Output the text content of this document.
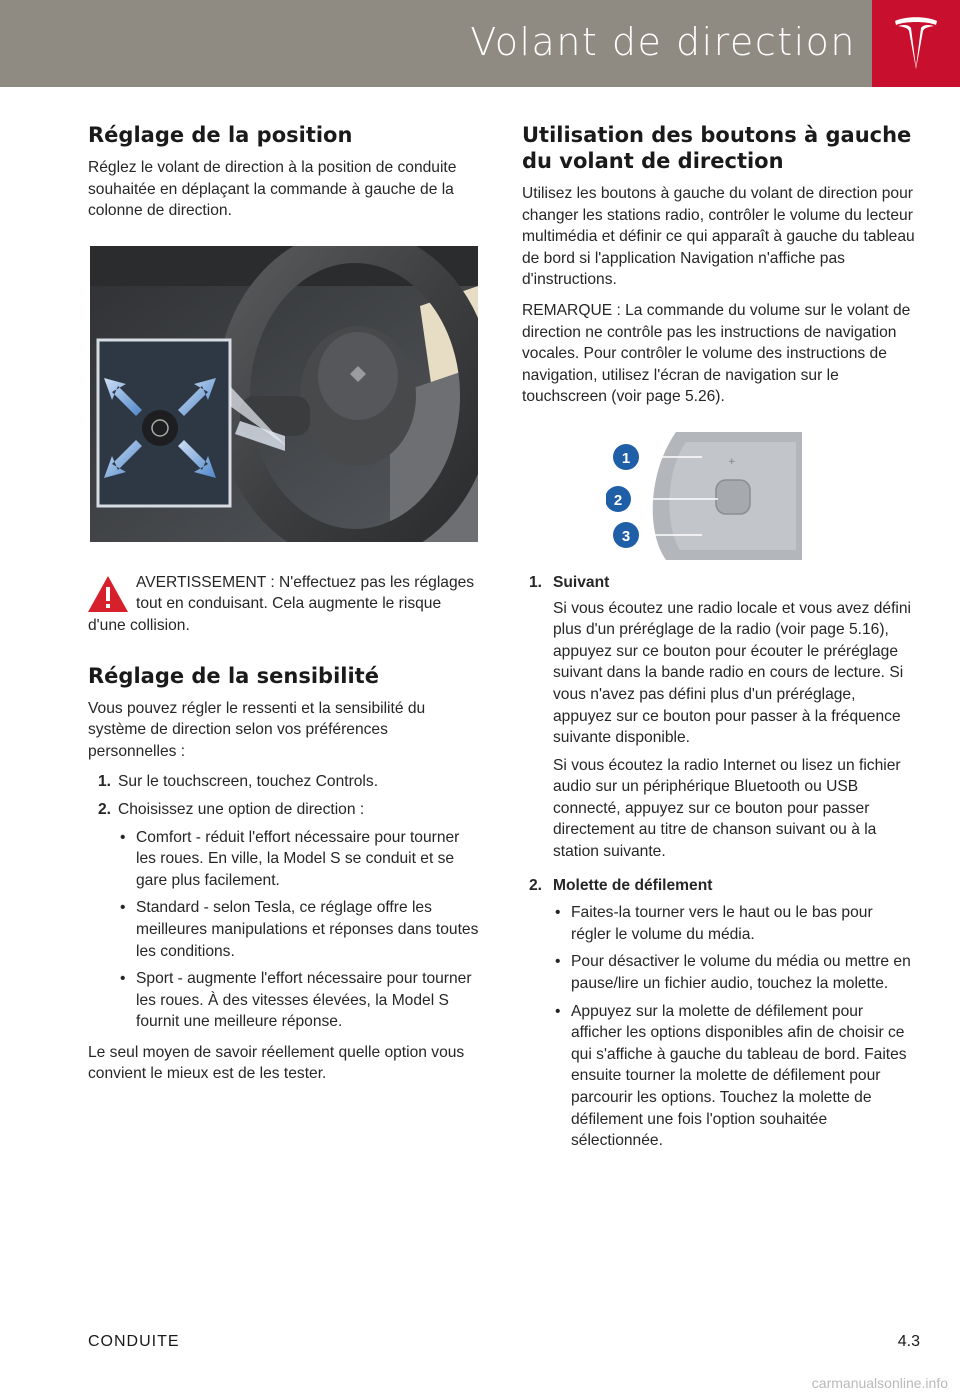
Volant de direction
Réglage de la position

Réglez le volant de direction à la position de conduite souhaitée en déplaçant la commande à gauche de la colonne de direction.

AVERTISSEMENT : N'effectuez pas les réglages tout en conduisant. Cela augmente le risque d'une collision.

Réglage de la sensibilité

Vous pouvez régler le ressenti et la sensibilité du système de direction selon vos préférences personnelles :

1. Sur le touchscreen, touchez Controls.
2. Choisissez une option de direction :
• Comfort - réduit l'effort nécessaire pour tourner les roues. En ville, la Model S se conduit et se gare plus facilement.
• Standard - selon Tesla, ce réglage offre les meilleures manipulations et réponses dans toutes les conditions.
• Sport - augmente l'effort nécessaire pour tourner les roues. À des vitesses élevées, la Model S fournit une meilleure réponse.

Le seul moyen de savoir réellement quelle option vous convient le mieux est de les tester.

Utilisation des boutons à gauche du volant de direction

Utilisez les boutons à gauche du volant de direction pour changer les stations radio, contrôler le volume du lecteur multimédia et définir ce qui apparaît à gauche du tableau de bord si l'application Navigation n'affiche pas d'instructions.

REMARQUE : La commande du volume sur le volant de direction ne contrôle pas les instructions de navigation vocales. Pour contrôler le volume des instructions de navigation, utilisez l'écran de navigation sur le touchscreen (voir page 5.26).

+
1
2
3
1. Suivant

Si vous écoutez une radio locale et vous avez défini plus d'un préréglage de la radio (voir page 5.16), appuyez sur ce bouton pour écouter le préréglage suivant dans la bande radio en cours de lecture. Si vous n'avez pas défini plus d'un préréglage, appuyez sur ce bouton pour passer à la fréquence suivante disponible.

Si vous écoutez la radio Internet ou lisez un fichier audio sur un périphérique Bluetooth ou USB connecté, appuyez sur ce bouton pour passer directement au titre de chanson suivant ou à la station suivante.

2. Molette de défilement
• Faites-la tourner vers le haut ou le bas pour régler le volume du média.
• Pour désactiver le volume du média ou mettre en pause/lire un fichier audio, touchez la molette.
• Appuyez sur la molette de défilement pour afficher les options disponibles afin de choisir ce qui s'affiche à gauche du tableau de bord. Faites ensuite tourner la molette de défilement pour parcourir les options. Touchez la molette de défilement une fois l'option souhaitée sélectionnée.
CONDUITE	4.3
carmanualsonline.info
